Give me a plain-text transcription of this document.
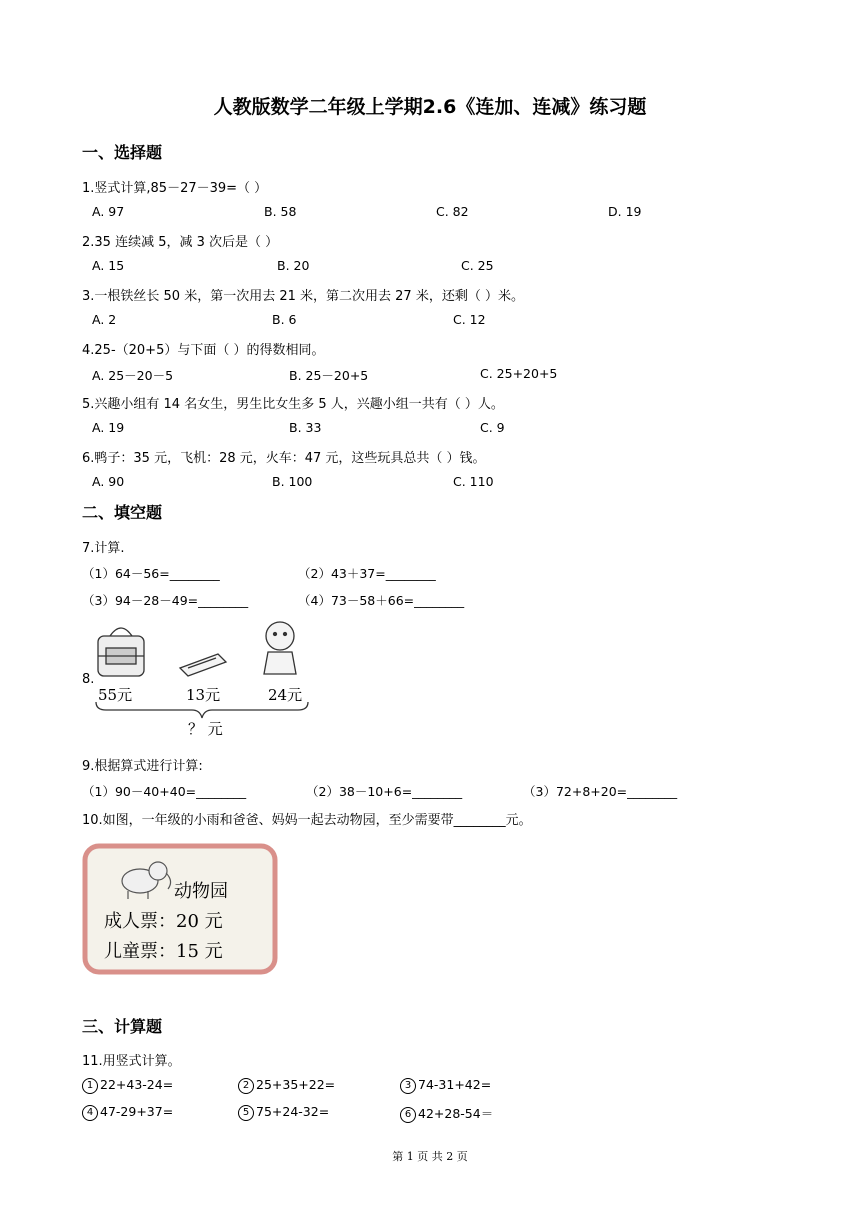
人教版数学二年级上学期2.6《连加、连减》练习题
一、选择题
1.竖式计算,85－27－39=（ ）
A. 97	B. 58	C. 82	D. 19
2.35 连续减 5，减 3 次后是（ ）
A. 15	B. 20	C. 25
3.一根铁丝长 50 米，第一次用去 21 米，第二次用去 27 米，还剩（ ）米。
A. 2	B. 6	C. 12
4.25-（20+5）与下面（ ）的得数相同。
A. 25－20－5	B. 25－20+5	C. 25+20+5
5.兴趣小组有 14 名女生，男生比女生多 5 人，兴趣小组一共有（ ）人。
A. 19	B. 33	C. 9
6.鸭子：35 元，飞机：28 元，火车：47 元，这些玩具总共（ ）钱。
A. 90	B. 100	C. 110
二、填空题
7.计算.
（1）64－56=________	（2）43＋37=________
（3）94－28－49=________	（4）73－58＋66=________
8.
55元	13元	24元
？ 元
9.根据算式进行计算:
（1）90－40+40=________	（2）38－10+6=________	（3）72+8+20=________
10.如图，一年级的小雨和爸爸、妈妈一起去动物园，至少需要带________元。
动物园
成人票：20 元
儿童票：15 元
三、计算题
11.用竖式计算。
1 22+43-24=	2 25+35+22=	3 74-31+42=
4 47-29+37=	5 75+24-32=	6 42+28-54＝
第 1 页 共 2 页
